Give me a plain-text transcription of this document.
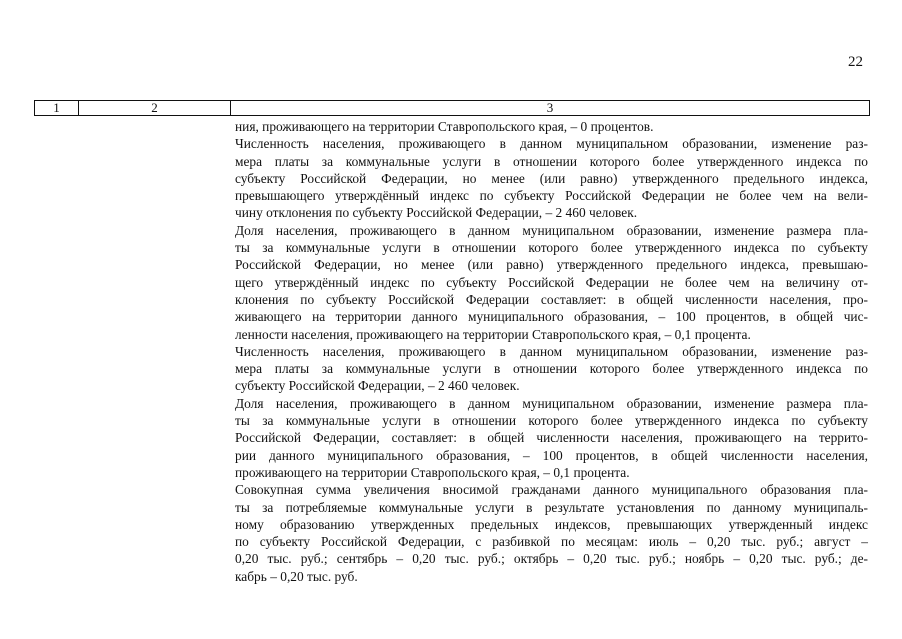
22
1	2	3
ния, проживающего на территории Ставропольского края, – 0 процентов.
Численность населения, проживающего в данном муниципальном образовании, изменение раз-
мера платы за коммунальные услуги в отношении которого более утвержденного индекса по
субъекту Российской Федерации, но менее (или равно) утвержденного предельного индекса,
превышающего утверждённый индекс по субъекту Российской Федерации не более чем на вели-
чину отклонения по субъекту Российской Федерации, – 2 460 человек.
Доля населения, проживающего в данном муниципальном образовании, изменение размера пла-
ты за коммунальные услуги в отношении которого более утвержденного индекса по субъекту
Российской Федерации, но менее (или равно) утвержденного предельного индекса, превышаю-
щего утверждённый индекс по субъекту Российской Федерации не более чем на величину от-
клонения по субъекту Российской Федерации составляет: в общей численности населения, про-
живающего на территории данного муниципального образования, – 100 процентов, в общей чис-
ленности населения, проживающего на территории Ставропольского края, – 0,1 процента.
Численность населения, проживающего в данном муниципальном образовании, изменение раз-
мера платы за коммунальные услуги в отношении которого более утвержденного индекса по
субъекту Российской Федерации, – 2 460 человек.
Доля населения, проживающего в данном муниципальном образовании, изменение размера пла-
ты за коммунальные услуги в отношении которого более утвержденного индекса по субъекту
Российской Федерации, составляет: в общей численности населения, проживающего на террито-
рии данного муниципального образования, – 100 процентов, в общей численности населения,
проживающего на территории Ставропольского края, – 0,1 процента.
Совокупная сумма увеличения вносимой гражданами данного муниципального образования пла-
ты за потребляемые коммунальные услуги в результате установления по данному муниципаль-
ному образованию утвержденных предельных индексов, превышающих утвержденный индекс
по субъекту Российской Федерации, с разбивкой по месяцам: июль – 0,20 тыс. руб.; август –
0,20 тыс. руб.; сентябрь – 0,20 тыс. руб.; октябрь – 0,20 тыс. руб.; ноябрь – 0,20 тыс. руб.; де-
кабрь – 0,20 тыс. руб.
